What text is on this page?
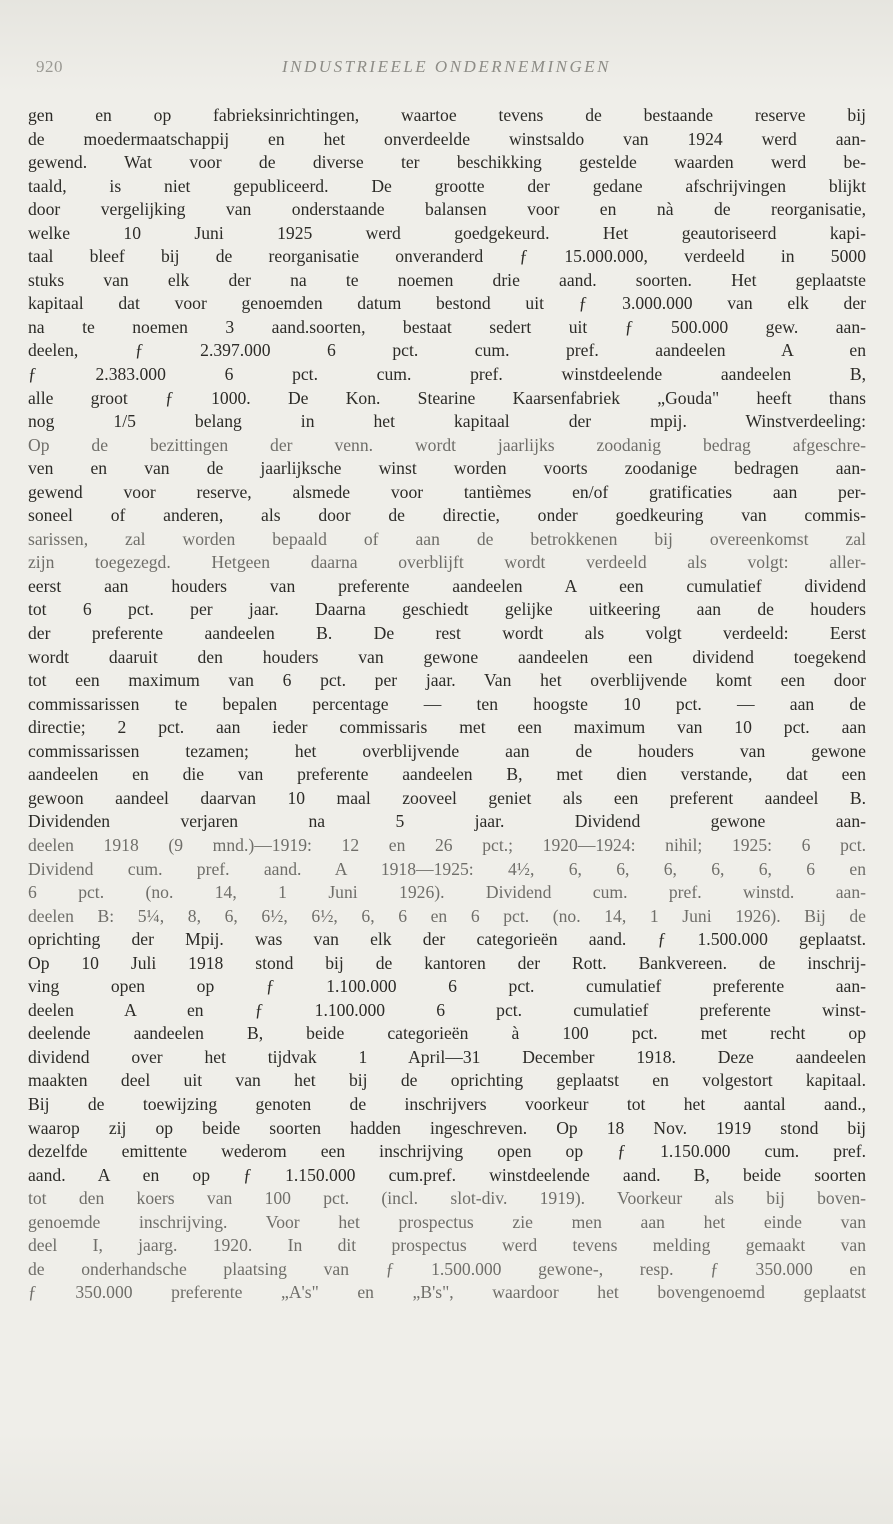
920	INDUSTRIEELE ONDERNEMINGEN
gen en op fabrieksinrichtingen, waartoe tevens de bestaande reserve bij
de moedermaatschappij en het onverdeelde winstsaldo van 1924 werd aan-
gewend. Wat voor de diverse ter beschikking gestelde waarden werd be-
taald, is niet gepubliceerd. De grootte der gedane afschrijvingen blijkt
door vergelijking van onderstaande balansen voor en nà de reorganisatie,
welke 10 Juni 1925 werd goedgekeurd. Het geautoriseerd kapi-
taal bleef bij de reorganisatie onveranderd ƒ 15.000.000, verdeeld in 5000
stuks van elk der na te noemen drie aand. soorten. Het geplaatste
kapitaal dat voor genoemden datum bestond uit ƒ 3.000.000 van elk der
na te noemen 3 aand.soorten, bestaat sedert uit ƒ 500.000 gew. aan-
deelen, ƒ 2.397.000 6 pct. cum. pref. aandeelen A en
ƒ 2.383.000 6 pct. cum. pref. winstdeelende aandeelen B,
alle groot ƒ 1000. De Kon. Stearine Kaarsenfabriek „Gouda" heeft thans
nog 1/5 belang in het kapitaal der mpij. Winstverdeeling:
Op de bezittingen der venn. wordt jaarlijks zoodanig bedrag afgeschre-
ven en van de jaarlijksche winst worden voorts zoodanige bedragen aan-
gewend voor reserve, alsmede voor tantièmes en/of gratificaties aan per-
soneel of anderen, als door de directie, onder goedkeuring van commis-
sarissen, zal worden bepaald of aan de betrokkenen bij overeenkomst zal
zijn toegezegd. Hetgeen daarna overblijft wordt verdeeld als volgt: aller-
eerst aan houders van preferente aandeelen A een cumulatief dividend
tot 6 pct. per jaar. Daarna geschiedt gelijke uitkeering aan de houders
der preferente aandeelen B. De rest wordt als volgt verdeeld: Eerst
wordt daaruit den houders van gewone aandeelen een dividend toegekend
tot een maximum van 6 pct. per jaar. Van het overblijvende komt een door
commissarissen te bepalen percentage — ten hoogste 10 pct. — aan de
directie; 2 pct. aan ieder commissaris met een maximum van 10 pct. aan
commissarissen tezamen; het overblijvende aan de houders van gewone
aandeelen en die van preferente aandeelen B, met dien verstande, dat een
gewoon aandeel daarvan 10 maal zooveel geniet als een preferent aandeel B.
Dividenden verjaren na 5 jaar. Dividend gewone aan-
deelen 1918 (9 mnd.)—1919: 12 en 26 pct.; 1920—1924: nihil; 1925: 6 pct.
Dividend cum. pref. aand. A 1918—1925: 4½, 6, 6, 6, 6, 6, 6 en
6 pct. (no. 14, 1 Juni 1926). Dividend cum. pref. winstd. aan-
deelen B: 5¼, 8, 6, 6½, 6½, 6, 6 en 6 pct. (no. 14, 1 Juni 1926). Bij de
oprichting der Mpij. was van elk der categorieën aand. ƒ 1.500.000 geplaatst.
Op 10 Juli 1918 stond bij de kantoren der Rott. Bankvereen. de inschrij-
ving open op ƒ 1.100.000 6 pct. cumulatief preferente aan-
deelen A en ƒ 1.100.000 6 pct. cumulatief preferente winst-
deelende aandeelen B, beide categorieën à 100 pct. met recht op
dividend over het tijdvak 1 April—31 December 1918. Deze aandeelen
maakten deel uit van het bij de oprichting geplaatst en volgestort kapitaal.
Bij de toewijzing genoten de inschrijvers voorkeur tot het aantal aand.,
waarop zij op beide soorten hadden ingeschreven. Op 18 Nov. 1919 stond bij
dezelfde emittente wederom een inschrijving open op ƒ 1.150.000 cum. pref.
aand. A en op ƒ 1.150.000 cum.pref. winstdeelende aand. B, beide soorten
tot den koers van 100 pct. (incl. slot-div. 1919). Voorkeur als bij boven-
genoemde inschrijving. Voor het prospectus zie men aan het einde van
deel I, jaarg. 1920. In dit prospectus werd tevens melding gemaakt van
de onderhandsche plaatsing van ƒ 1.500.000 gewone-, resp. ƒ 350.000 en
ƒ 350.000 preferente „A's" en „B's", waardoor het bovengenoemd geplaatst
